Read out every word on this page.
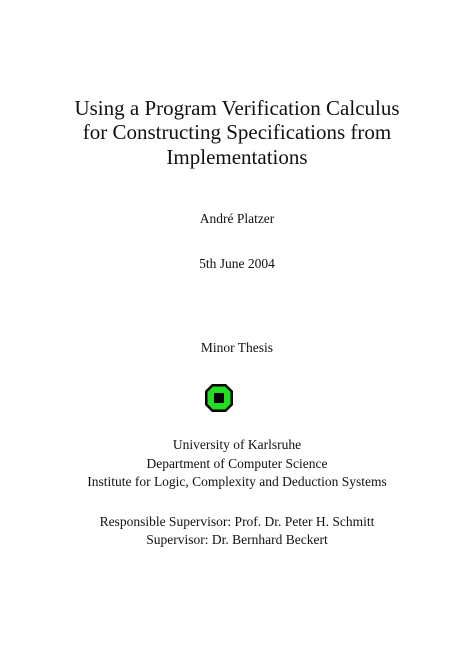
Using a Program Verification Calculus
for Constructing Specifications from
Implementations
André Platzer
5th June 2004
Minor Thesis
University of Karlsruhe
Department of Computer Science
Institute for Logic, Complexity and Deduction Systems
Responsible Supervisor: Prof. Dr. Peter H. Schmitt
Supervisor: Dr. Bernhard Beckert
